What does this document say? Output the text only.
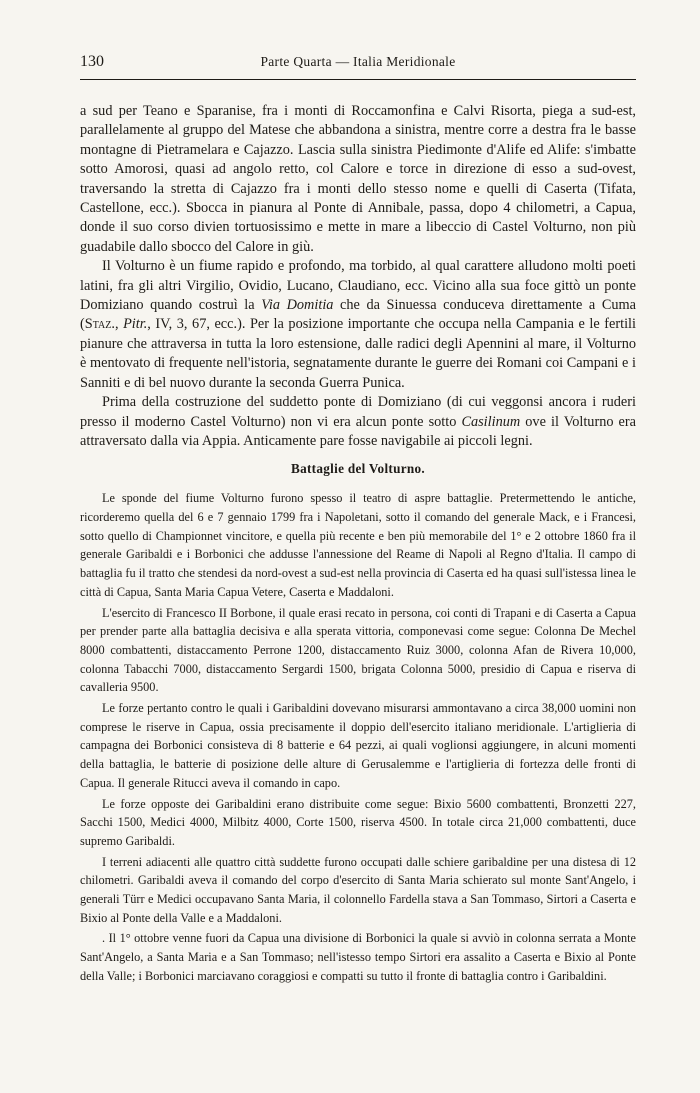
130	Parte Quarta — Italia Meridionale

a sud per Teano e Sparanise, fra i monti di Roccamonfina e Calvi Risorta, piega a sud-est, parallelamente al gruppo del Matese che abbandona a sinistra, mentre corre a destra fra le basse montagne di Pietramelara e Cajazzo. Lascia sulla sinistra Piedimonte d'Alife ed Alife: s'imbatte sotto Amorosi, quasi ad angolo retto, col Calore e torce in direzione di esso a sud-ovest, traversando la stretta di Cajazzo fra i monti dello stesso nome e quelli di Caserta (Tifata, Castellone, ecc.). Sbocca in pianura al Ponte di Annibale, passa, dopo 4 chilometri, a Capua, donde il suo corso divien tortuosissimo e mette in mare a libeccio di Castel Volturno, non più guadabile dallo sbocco del Calore in giù.

Il Volturno è un fiume rapido e profondo, ma torbido, al qual carattere alludono molti poeti latini, fra gli altri Virgilio, Ovidio, Lucano, Claudiano, ecc. Vicino alla sua foce gittò un ponte Domiziano quando costruì la Via Domitia che da Sinuessa conduceva direttamente a Cuma (Staz., Pitr., IV, 3, 67, ecc.). Per la posizione importante che occupa nella Campania e le fertili pianure che attraversa in tutta la loro estensione, dalle radici degli Apennini al mare, il Volturno è mentovato di frequente nell'istoria, segnatamente durante le guerre dei Romani coi Campani e i Sanniti e di bel nuovo durante la seconda Guerra Punica.

Prima della costruzione del suddetto ponte di Domiziano (di cui veggonsi ancora i ruderi presso il moderno Castel Volturno) non vi era alcun ponte sotto Casilinum ove il Volturno era attraversato dalla via Appia. Anticamente pare fosse navigabile ai piccoli legni.

Battaglie del Volturno.

Le sponde del fiume Volturno furono spesso il teatro di aspre battaglie. Pretermettendo le antiche, ricorderemo quella del 6 e 7 gennaio 1799 fra i Napoletani, sotto il comando del generale Mack, e i Francesi, sotto quello di Championnet vincitore, e quella più recente e ben più memorabile del 1° e 2 ottobre 1860 fra il generale Garibaldi e i Borbonici che addusse l'annessione del Reame di Napoli al Regno d'Italia. Il campo di battaglia fu il tratto che stendesi da nord-ovest a sud-est nella provincia di Caserta ed ha quasi sull'istessa linea le città di Capua, Santa Maria Capua Vetere, Caserta e Maddaloni.

L'esercito di Francesco II Borbone, il quale erasi recato in persona, coi conti di Trapani e di Caserta a Capua per prender parte alla battaglia decisiva e alla sperata vittoria, componevasi come segue: Colonna De Mechel 8000 combattenti, distaccamento Perrone 1200, distaccamento Ruiz 3000, colonna Afan de Rivera 10,000, colonna Tabacchi 7000, distaccamento Sergardi 1500, brigata Colonna 5000, presidio di Capua e riserva di cavalleria 9500.

Le forze pertanto contro le quali i Garibaldini dovevano misurarsi ammontavano a circa 38,000 uomini non comprese le riserve in Capua, ossia precisamente il doppio dell'esercito italiano meridionale. L'artiglieria di campagna dei Borbonici consisteva di 8 batterie e 64 pezzi, ai quali voglionsi aggiungere, in alcuni momenti della battaglia, le batterie di posizione delle alture di Gerusalemme e l'artiglieria di fortezza delle fronti di Capua. Il generale Ritucci aveva il comando in capo.

Le forze opposte dei Garibaldini erano distribuite come segue: Bixio 5600 combattenti, Bronzetti 227, Sacchi 1500, Medici 4000, Milbitz 4000, Corte 1500, riserva 4500. In totale circa 21,000 combattenti, duce supremo Garibaldi.

I terreni adiacenti alle quattro città suddette furono occupati dalle schiere garibaldine per una distesa di 12 chilometri. Garibaldi aveva il comando del corpo d'esercito di Santa Maria schierato sul monte Sant'Angelo, i generali Türr e Medici occupavano Santa Maria, il colonnello Fardella stava a San Tommaso, Sirtori a Caserta e Bixio al Ponte della Valle e a Maddaloni.

. Il 1° ottobre venne fuori da Capua una divisione di Borbonici la quale si avviò in colonna serrata a Monte Sant'Angelo, a Santa Maria e a San Tommaso; nell'istesso tempo Sirtori era assalito a Caserta e Bixio al Ponte della Valle; i Borbonici marciavano coraggiosi e compatti su tutto il fronte di battaglia contro i Garibaldini.
